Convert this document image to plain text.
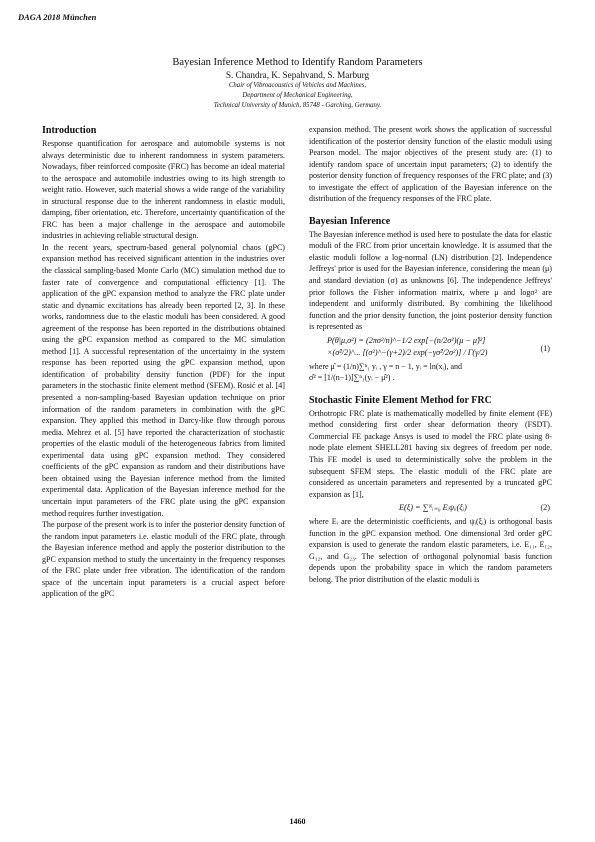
DAGA 2018 München
Bayesian Inference Method to Identify Random Parameters
S. Chandra, K. Sepahvand, S. Marburg
Chair of Vibroacoustics of Vehicles and Machines,
Department of Mechanical Engineering,
Technical University of Munich, 85748 - Garching, Germany.
Introduction

Response quantification for aerospace and automobile systems is not always deterministic due to inherent randomness in system parameters. Nowadays, fiber reinforced composite (FRC) has become an ideal material to the aerospace and automobile industries owing to its high strength to weight ratio. However, such material shows a wide range of the variability in structural response due to the inherent randomness in elastic moduli, damping, fiber orientation, etc. Therefore, uncertainty quantification of the FRC has been a major challenge in the aerospace and automobile industries in achieving reliable structural design.

In the recent years, spectrum-based general polynomial chaos (gPC) expansion method has received significant attention in the industries over the classical sampling-based Monte Carlo (MC) simulation method due to faster rate of convergence and computational efficiency [1]. The application of the gPC expansion method to analyze the FRC plate under static and dynamic excitations has already been reported [2, 3]. In these works, randomness due to the elastic moduli has been considered. A good agreement of the response has been reported in the distributions obtained using the gPC expansion method as compared to the MC simulation method [1]. A successful representation of the uncertainty in the system response has been reported using the gPC expansion method, upon identification of probability density function (PDF) for the input parameters in the stochastic finite element method (SFEM). Rosić et al. [4] presented a non-sampling-based Bayesian updation technique on prior information of the random parameters in combination with the gPC expansion. They applied this method in Darcy-like flow through porous media. Mehrez et al. [5] have reported the characterization of stochastic properties of the elastic moduli of the heterogeneous fabrics from limited experimental data using gPC expansion method. They considered coefficients of the gPC expansion as random and their distributions have been obtained using the Bayesian inference method from the limited experimental data. Application of the Bayesian inference method for the uncertain input parameters of the FRC plate using the gPC expansion method requires further investigation.

The purpose of the present work is to infer the posterior density function of the random input parameters i.e. elastic moduli of the FRC plate, through the Bayesian inference method and apply the posterior distribution to the gPC expansion method to study the uncertainty in the frequency responses of the FRC plate under free vibration. The identification of the random space of the uncertain input parameters is a crucial aspect before application of the gPC

expansion method. The present work shows the application of successful identification of the posterior density function of the elastic moduli using Pearson model. The major objectives of the present study are: (1) to identify random space of uncertain input parameters; (2) to identify the posterior density function of frequency responses of the FRC plate; and (3) to investigate the effect of application of the Bayesian inference on the distribution of the frequency responses of the FRC plate.

Bayesian Inference

The Bayesian inference method is used here to postulate the data for elastic moduli of the FRC from prior uncertain knowledge. It is assumed that the elastic moduli follow a log-normal (LN) distribution [2]. Independence Jeffreys' prior is used for the Bayesian inference, considering the mean (μ) and standard deviation (σ) as unknowns [6]. The independence Jeffreys' prior follows the Fisher information matrix, where μ and logσ² are independent and uniformly distributed. By combining the likelihood function and the prior density function, the joint posterior density function is represented as

P(θ|μ,σ²) = (2πσ²/n)^−1/2 exp[−(n/2σ²)(μ − μ̂)²]
×(σ̂²/2)^... [(σ²)^−(γ+2)/2 exp(−γσ̂²/2σ²)] / Γ(γ/2)	(1)

where μ̂ = (1/n)∑ⁿ₁ yᵢ , γ = n − 1, yᵢ = ln(xᵢ), and

σ̂² = [1/(n−1)]∑ⁿ₁(yᵢ − μ̂²) .

Stochastic Finite Element Method for FRC

Orthotropic FRC plate is mathematically modelled by finite element (FE) method considering first order shear deformation theory (FSDT). Commercial FE package Ansys is used to model the FRC plate using 8-node plate element SHELL281 having six degrees of freedom per node. This FE model is used to deterministically solve the problem in the subsequent SFEM steps. The elastic moduli of the FRC plate are considered as uncertain parameters and represented by a truncated gPC expansion as [1],

E(ξ) = ∑ᴺᵢ₌₀ Eᵢψᵢᵢ(ξᵢ)	(2)

where Eᵢ are the deterministic coefficients, and ψᵢ(ξᵢ) is orthogonal basis function in the gPC expansion method. One dimensional 3rd order gPC expansion is used to generate the random elastic parameters, i.e. E₁₁, E₁₂, G₁₂, and G₂₃. The selection of orthogonal polynomial basis function depends upon the probability space in which the random parameters belong. The prior distribution of the elastic moduli is

1460
